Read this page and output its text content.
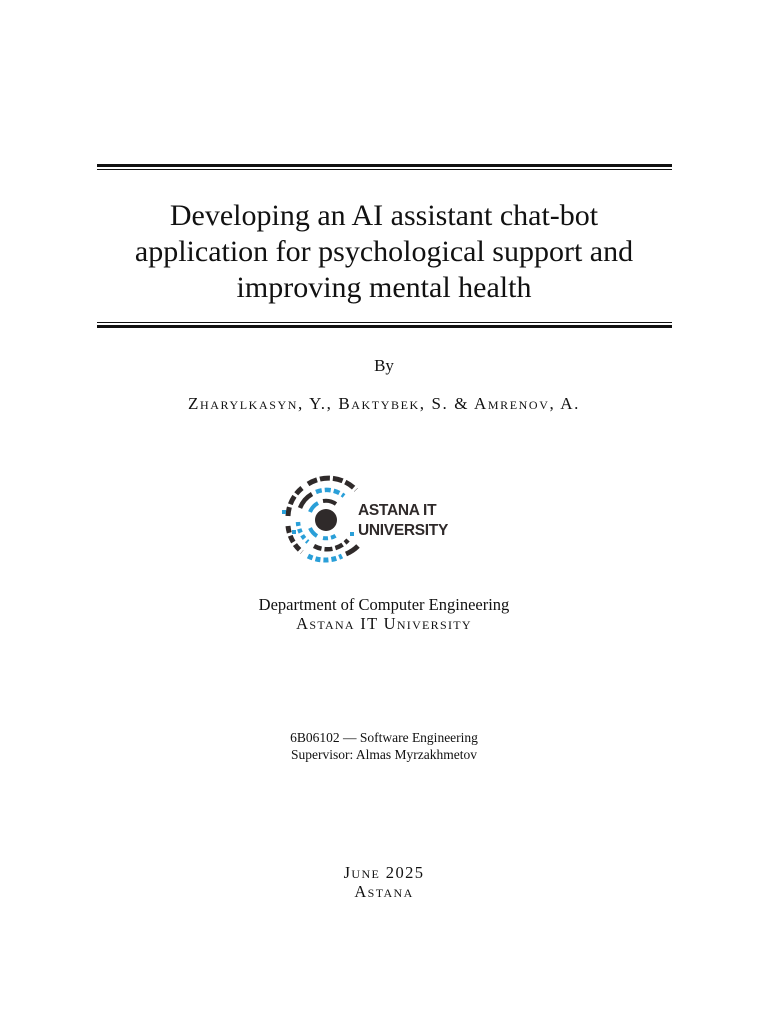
Developing an AI assistant chat-bot
application for psychological support and
improving mental health
By
Zharylkasyn, Y., Baktybek, S. & Amrenov, A.
ASTANA IT
UNIVERSITY
Department of Computer Engineering
Astana IT University
6B06102 — Software Engineering
Supervisor: Almas Myrzakhmetov
June 2025
Astana
